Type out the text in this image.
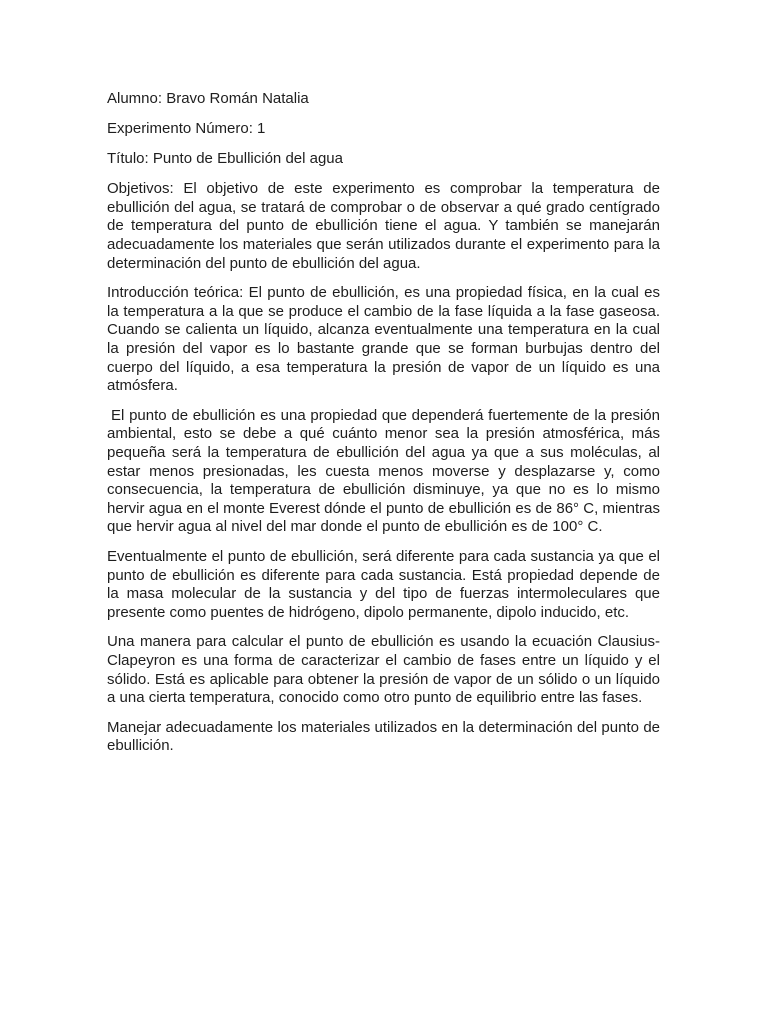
Alumno: Bravo Román Natalia

Experimento Número: 1

Título: Punto de Ebullición del agua

Objetivos: El objetivo de este experimento es comprobar la temperatura de ebullición del agua, se tratará de comprobar o de observar a qué grado centígrado de temperatura del punto de ebullición tiene el agua. Y también se manejarán adecuadamente los materiales que serán utilizados durante el experimento para la determinación del punto de ebullición del agua.

Introducción teórica: El punto de ebullición, es una propiedad física, en la cual es la temperatura a la que se produce el cambio de la fase líquida a la fase gaseosa. Cuando se calienta un líquido, alcanza eventualmente una temperatura en la cual la presión del vapor es lo bastante grande que se forman burbujas dentro del cuerpo del líquido, a esa temperatura la presión de vapor de un líquido es una atmósfera.

El punto de ebullición es una propiedad que dependerá fuertemente de la presión ambiental, esto se debe a qué cuánto menor sea la presión atmosférica, más pequeña será la temperatura de ebullición del agua ya que a sus moléculas, al estar menos presionadas, les cuesta menos moverse y desplazarse y, como consecuencia, la temperatura de ebullición disminuye, ya que no es lo mismo hervir agua en el monte Everest dónde el punto de ebullición es de 86° C, mientras que hervir agua al nivel del mar donde el punto de ebullición es de 100° C.

Eventualmente el punto de ebullición, será diferente para cada sustancia ya que el punto de ebullición es diferente para cada sustancia. Está propiedad depende de la masa molecular de la sustancia y del tipo de fuerzas intermoleculares que presente como puentes de hidrógeno, dipolo permanente, dipolo inducido, etc.

Una manera para calcular el punto de ebullición es usando la ecuación Clausius-Clapeyron es una forma de caracterizar el cambio de fases entre un líquido y el sólido. Está es aplicable para obtener la presión de vapor de un sólido o un líquido a una cierta temperatura, conocido como otro punto de equilibrio entre las fases.

Manejar adecuadamente los materiales utilizados en la determinación del punto de ebullición.
